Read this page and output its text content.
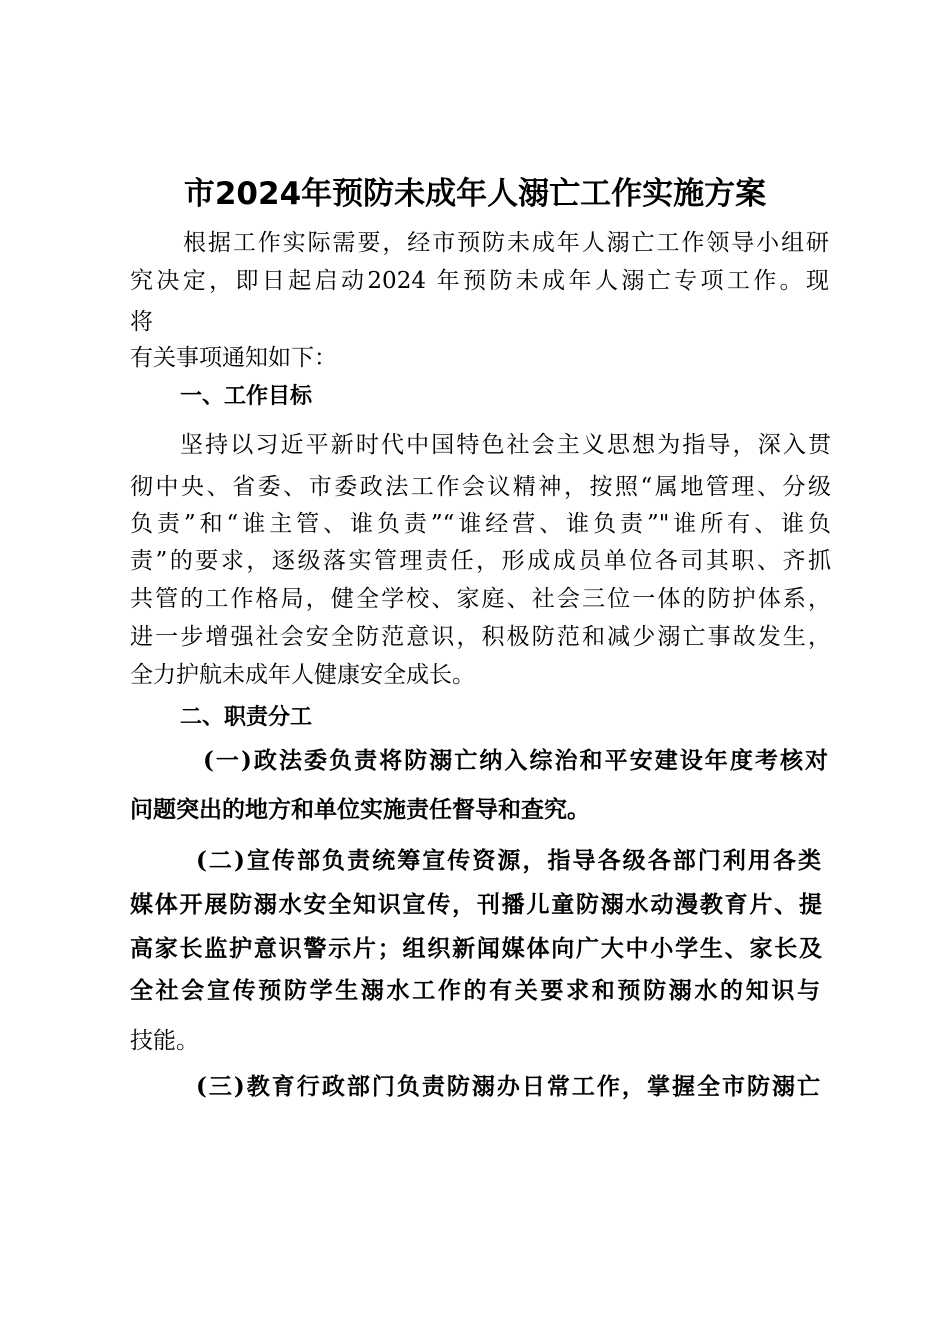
市2024年预防未成年人溺亡工作实施方案
根据工作实际需要，经市预防未成年人溺亡工作领导小组研
究决定，即日起启动2024 年预防未成年人溺亡专项工作。现
将
有关事项通知如下：
一、工作目标
坚持以习近平新时代中国特色社会主义思想为指导，深入贯
彻中央、省委、市委政法工作会议精神，按照“属地管理、分级
负责”和“谁主管、谁负责”“谁经营、谁负责”"谁所有、谁负
责”的要求，逐级落实管理责任，形成成员单位各司其职、齐抓
共管的工作格局，健全学校、家庭、社会三位一体的防护体系，
进一步增强社会安全防范意识，积极防范和减少溺亡事故发生，
全力护航未成年人健康安全成长。
二、职责分工
(一)政法委负责将防溺亡纳入综治和平安建设年度考核对
问题突出的地方和单位实施责任督导和查究。
(二)宣传部负责统筹宣传资源，指导各级各部门利用各类
媒体开展防溺水安全知识宣传，刊播儿童防溺水动漫教育片、提
高家长监护意识警示片；组织新闻媒体向广大中小学生、家长及
全社会宣传预防学生溺水工作的有关要求和预防溺水的知识与
技能。
(三)教育行政部门负责防溺办日常工作，掌握全市防溺亡
